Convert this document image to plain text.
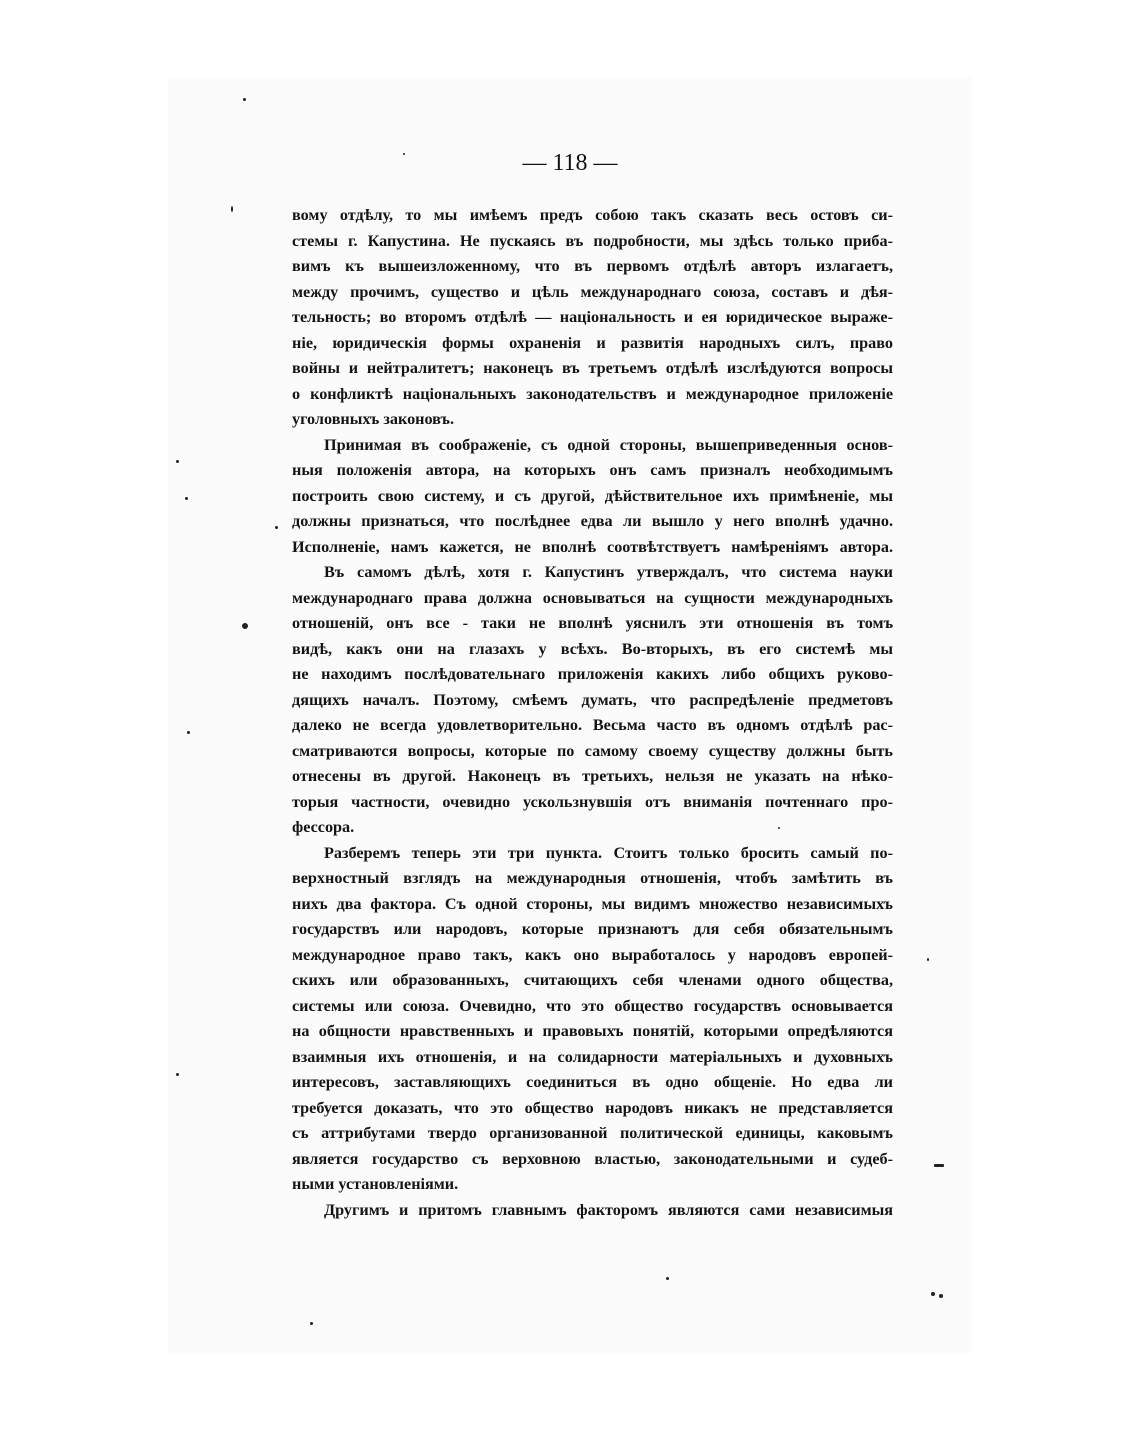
— 118 —
вому отдѣлу, то мы имѣемъ предъ собою такъ сказать весь остовъ си-
стемы г. Капустина. Не пускаясь въ подробности, мы здѣсь только прибa-
вимъ къ вышеизложенному, что въ первомъ отдѣлѣ авторъ излагаетъ,
между прочимъ, существо и цѣль международнаго союза, составъ и дѣя-
тельность; во второмъ отдѣлѣ — національность и ея юридическое выраже-
ніе, юридическія формы охраненія и развитія народныхъ силъ, право
войны и нейтралитетъ; наконецъ въ третьемъ отдѣлѣ изслѣдуются вопросы
о конфликтѣ національныхъ законодательствъ и международное приложеніе
уголовныхъ законовъ.
Принимая въ соображеніе, съ одной стороны, вышеприведенныя основ-
ныя положенія автора, на которыхъ онъ самъ призналъ необходимымъ
построить свою систему, и съ другой, дѣйствительное ихъ примѣненіе, мы
должны признаться, что послѣднее едва ли вышло у него вполнѣ удачно.
Исполненіе, намъ кажется, не вполнѣ соотвѣтствуетъ намѣреніямъ автора.
Въ самомъ дѣлѣ, хотя г. Капустинъ утверждалъ, что система науки
международнаго права должна основываться на сущности международныхъ
отношеній, онъ все - таки не вполнѣ уяснилъ эти отношенія въ томъ
видѣ, какъ они на глазахъ у всѣхъ. Во-вторыхъ, въ его системѣ мы
не находимъ послѣдовательнаго приложенія какихъ либо общихъ руково-
дящихъ началъ. Поэтому, смѣемъ думать, что распредѣленіе предметовъ
далеко не всегда удовлетворительно. Весьма часто въ одномъ отдѣлѣ рас-
сматриваются вопросы, которые по самому своему существу должны быть
отнесены въ другой. Наконецъ въ третьихъ, нельзя не указать на нѣко-
торыя частности, очевидно ускользнувшія отъ вниманія почтеннаго про-
фессора.
Разберемъ теперь эти три пункта. Стоитъ только бросить самый по-
верхностный взглядъ на международныя отношенія, чтобъ замѣтить въ
нихъ два фактора. Съ одной стороны, мы видимъ множество независимыхъ
государствъ или народовъ, которые признаютъ для себя обязательнымъ
международное право такъ, какъ оно выработалось у народовъ европей-
скихъ или образованныхъ, считающихъ себя членами одного общества,
системы или союза. Очевидно, что это общество государствъ основывается
на общности нравственныхъ и правовыхъ понятій, которыми опредѣляются
взаимныя ихъ отношенія, и на солидарности матеріальныхъ и духовныхъ
интересовъ, заставляющихъ соединиться въ одно общеніе. Но едва ли
требуется доказать, что это общество народовъ никакъ не представляется
съ аттрибутами твердо организованной политической единицы, каковымъ
является государство съ верховною властью, законодательными и судеб-
ными установленіями.
Другимъ и притомъ главнымъ факторомъ являются сами независимыя
